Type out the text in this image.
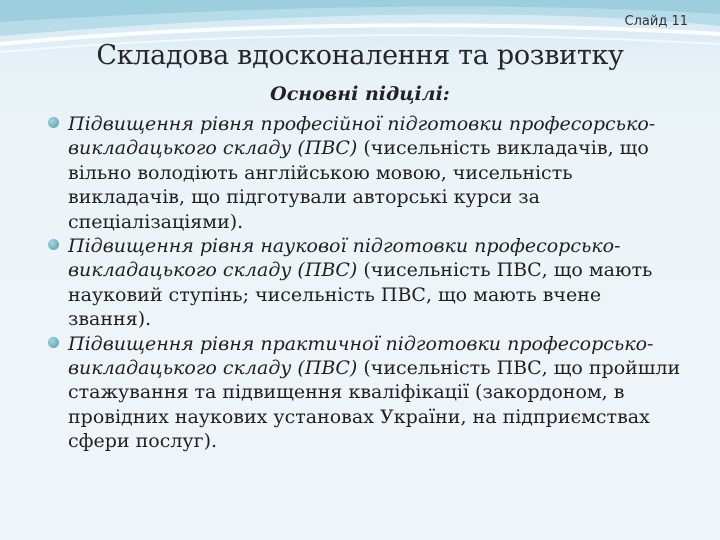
Слайд 11
Складова вдосконалення та розвитку
Основні підцілі:
Підвищення рівня професійної підготовки професорсько-викладацького складу (ПВС) (чисельність викладачів, що вільно володіють англійською мовою, чисельність викладачів, що підготували авторські курси за спеціалізаціями).
Підвищення рівня наукової підготовки професорсько-викладацького складу (ПВС) (чисельність ПВС, що мають науковий ступінь; чисельність ПВС, що мають вчене звання).
Підвищення рівня практичної підготовки професорсько-викладацького складу (ПВС) (чисельність ПВС, що пройшли стажування та підвищення кваліфікації (закордоном, в провідних наукових установах України, на підприємствах сфери послуг).
